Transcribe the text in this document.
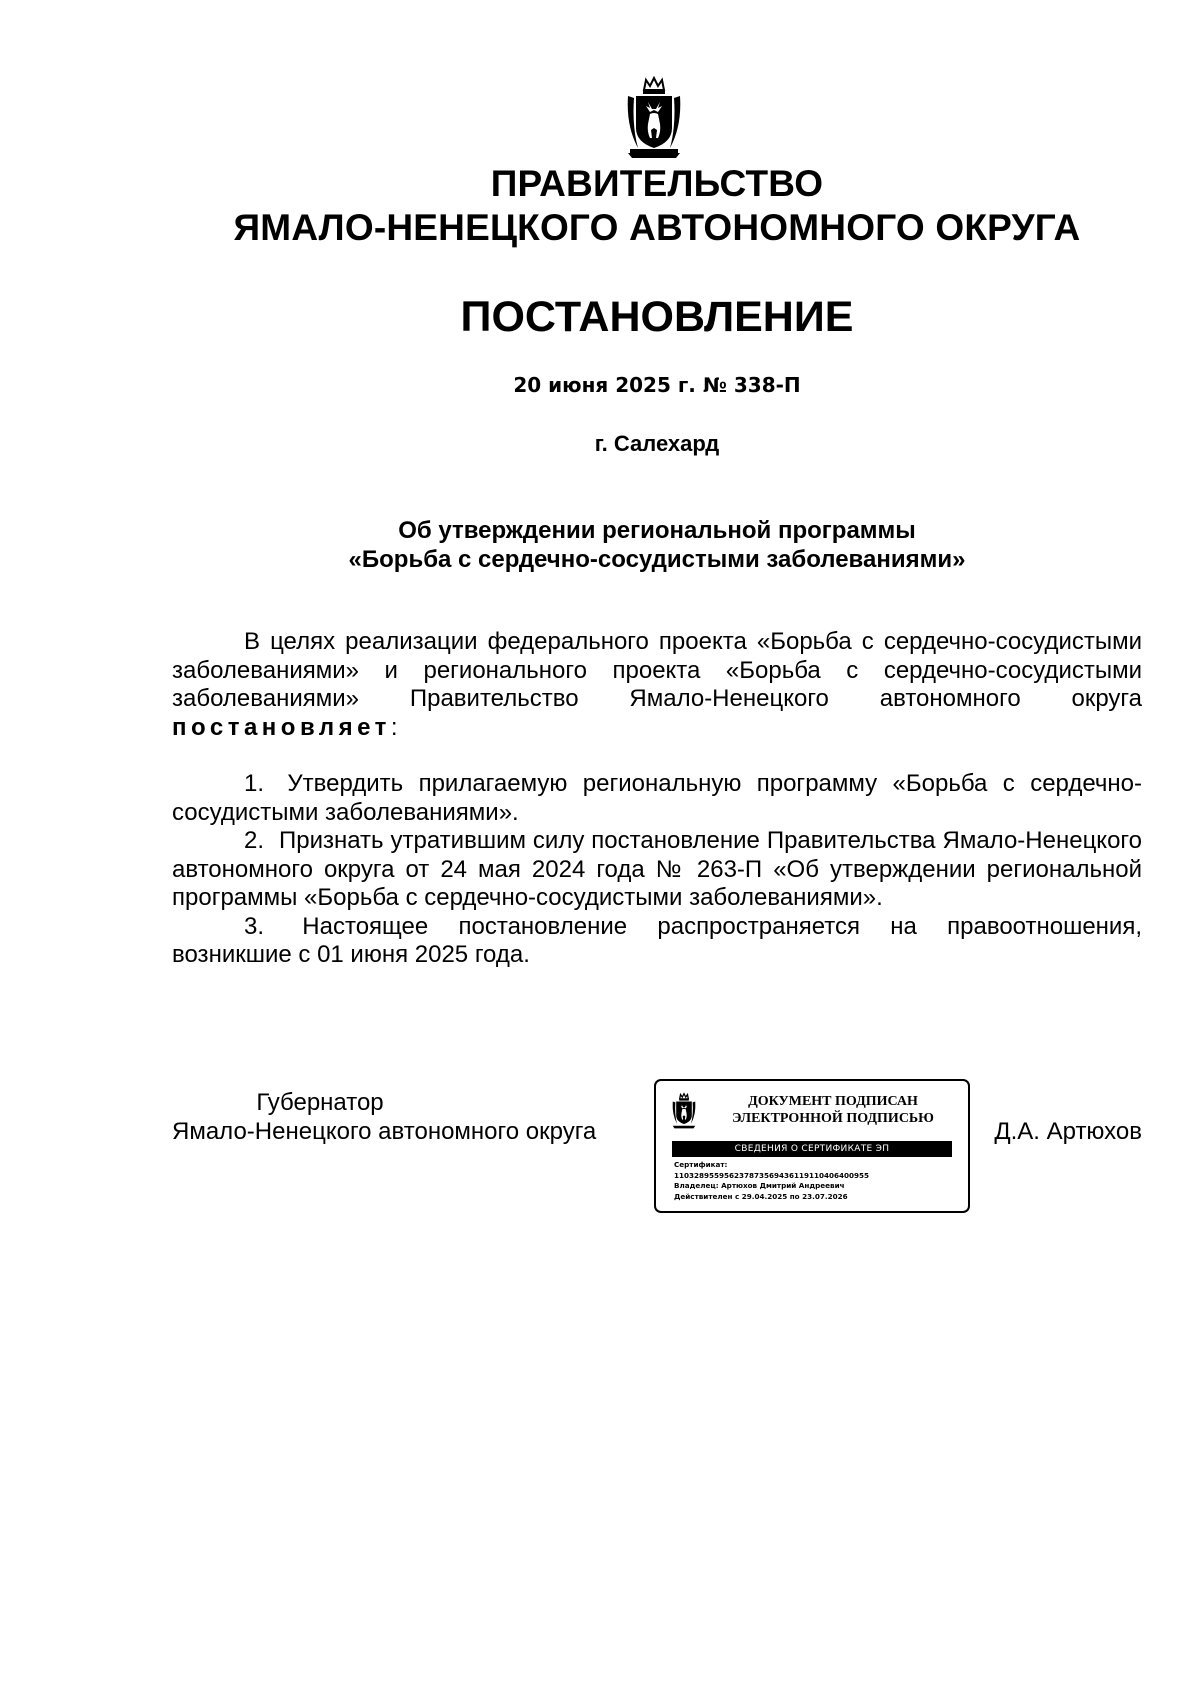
ПРАВИТЕЛЬСТВО
ЯМАЛО-НЕНЕЦКОГО АВТОНОМНОГО ОКРУГА
ПОСТАНОВЛЕНИЕ
20 июня 2025 г. № 338-П
г. Салехард
Об утверждении региональной программы
«Борьба с сердечно-сосудистыми заболеваниями»
В целях реализации федерального проекта «Борьба с сердечно-сосудистыми заболеваниями» и регионального проекта «Борьба с сердечно-сосудистыми заболеваниями» Правительство Ямало-Ненецкого автономного округа постановляет:

1. Утвердить прилагаемую региональную программу «Борьба с сердечно-сосудистыми заболеваниями».

2. Признать утратившим силу постановление Правительства Ямало-Ненецкого автономного округа от 24 мая 2024 года № 263-П «Об утверждении региональной программы «Борьба с сердечно-сосудистыми заболеваниями».

3. Настоящее постановление распространяется на правоотношения, возникшие с 01 июня 2025 года.

Губернатор
Ямало-Ненецкого автономного округа
ДОКУМЕНТ ПОДПИСАН
ЭЛЕКТРОННОЙ ПОДПИСЬЮ
СВЕДЕНИЯ О СЕРТИФИКАТЕ ЭП
Сертификат:
110328955956237873569436119110406400955
Владелец: Артюхов Дмитрий Андреевич
Действителен с 29.04.2025 по 23.07.2026
Д.А. Артюхов
